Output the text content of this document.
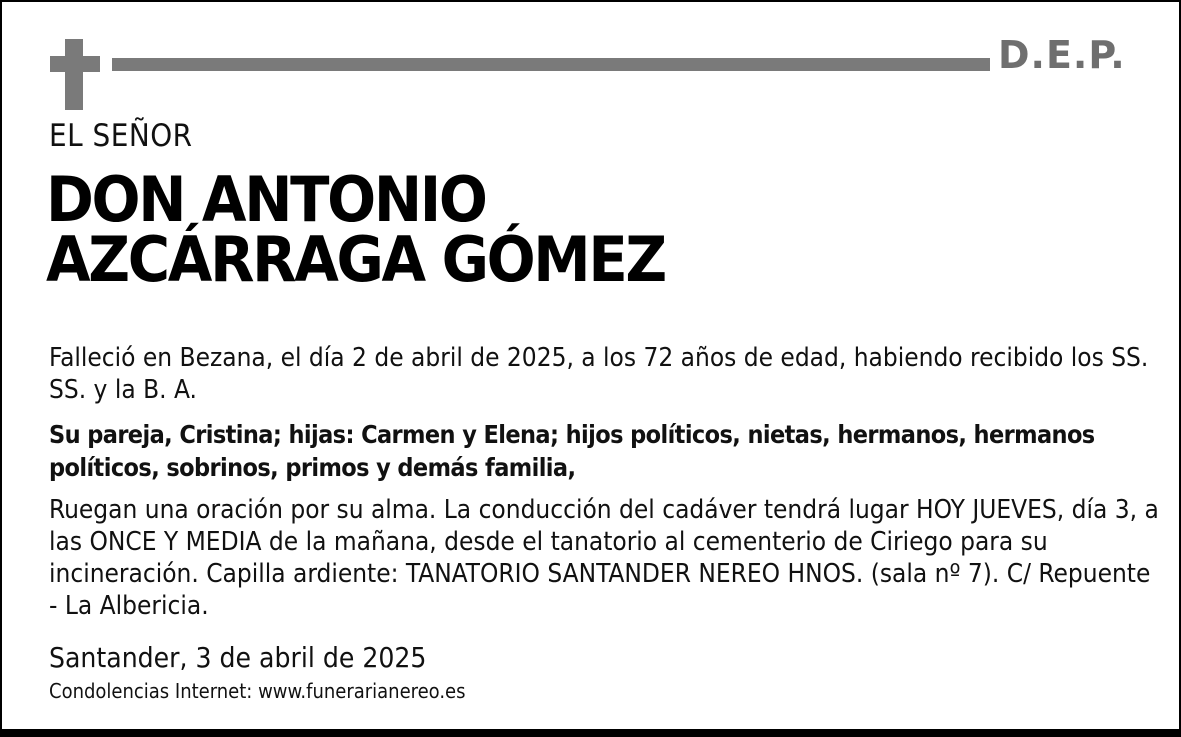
D.E.P.
EL SEÑOR
DON ANTONIO
AZCÁRRAGA GÓMEZ
Falleció en Bezana, el día 2 de abril de 2025, a los 72 años de edad, habiendo recibido los SS. SS. y la B. A.
Su pareja, Cristina; hijas: Carmen y Elena; hijos políticos, nietas, hermanos, hermanos políticos, sobrinos, primos y demás familia,
Ruegan una oración por su alma. La conducción del cadáver tendrá lugar HOY JUEVES, día 3, a las ONCE Y MEDIA de la mañana, desde el tanatorio al cementerio de Ciriego para su incineración. Capilla ardiente: TANATORIO SANTANDER NEREO HNOS. (sala nº 7). C/ Repuente - La Albericia.
Santander, 3 de abril de 2025
Condolencias Internet: www.funerarianereo.es
